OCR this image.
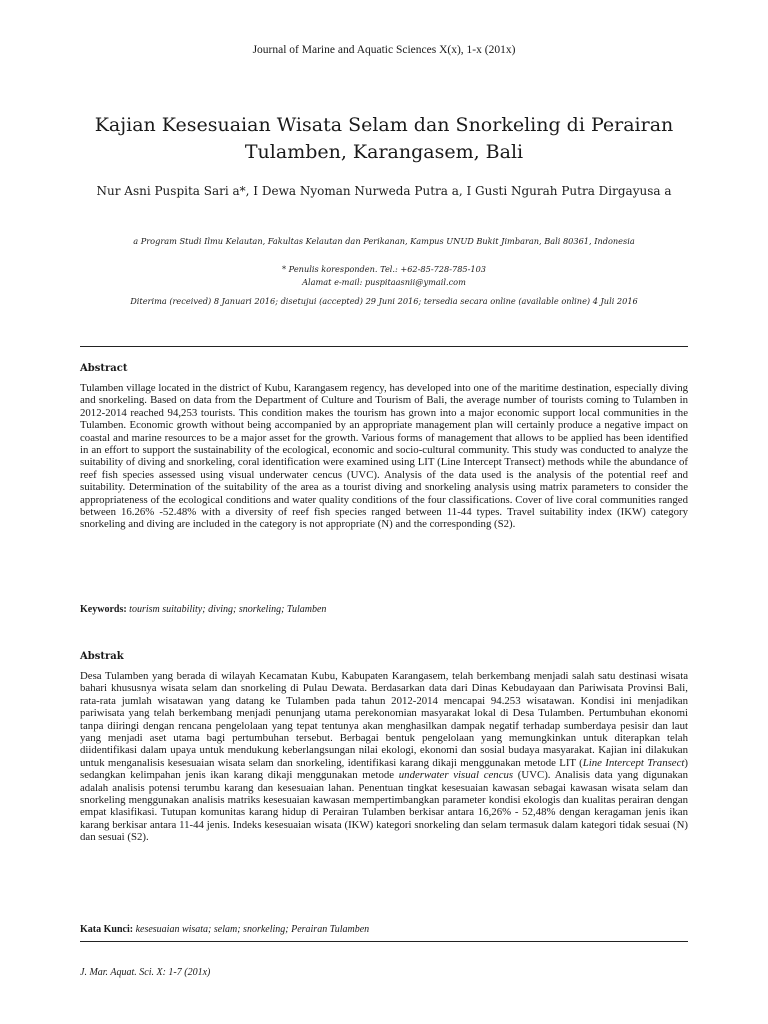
Journal of Marine and Aquatic Sciences X(x), 1-x (201x)
Kajian Kesesuaian Wisata Selam dan Snorkeling di Perairan Tulamben, Karangasem, Bali
Nur Asni Puspita Sari a*, I Dewa Nyoman Nurweda Putra a, I Gusti Ngurah Putra Dirgayusa a
a Program Studi Ilmu Kelautan, Fakultas Kelautan dan Perikanan, Kampus UNUD Bukit Jimbaran, Bali 80361, Indonesia
* Penulis koresponden. Tel.: +62-85-728-785-103
Alamat e-mail: puspitaasnii@ymail.com
Diterima (received) 8 Januari 2016; disetujui (accepted) 29 Juni 2016; tersedia secara online (available online) 4 Juli 2016
Abstract

Tulamben village located in the district of Kubu, Karangasem regency, has developed into one of the maritime destination, especially diving and snorkeling. Based on data from the Department of Culture and Tourism of Bali, the average number of tourists coming to Tulamben in 2012-2014 reached 94,253 tourists. This condition makes the tourism has grown into a major economic support local communities in the Tulamben. Economic growth without being accompanied by an appropriate management plan will certainly produce a negative impact on coastal and marine resources to be a major asset for the growth. Various forms of management that allows to be applied has been identified in an effort to support the sustainability of the ecological, economic and socio-cultural community. This study was conducted to analyze the suitability of diving and snorkeling, coral identification were examined using LIT (Line Intercept Transect) methods while the abundance of reef fish species assessed using visual underwater cencus (UVC). Analysis of the data used is the analysis of the potential reef and suitability. Determination of the suitability of the area as a tourist diving and snorkeling analysis using matrix parameters to consider the appropriateness of the ecological conditions and water quality conditions of the four classifications. Cover of live coral communities ranged between 16.26% -52.48% with a diversity of reef fish species ranged between 11-44 types. Travel suitability index (IKW) category snorkeling and diving are included in the category is not appropriate (N) and the corresponding (S2).

Keywords: tourism suitability; diving; snorkeling; Tulamben
Abstrak

Desa Tulamben yang berada di wilayah Kecamatan Kubu, Kabupaten Karangasem, telah berkembang menjadi salah satu destinasi wisata bahari khususnya wisata selam dan snorkeling di Pulau Dewata. Berdasarkan data dari Dinas Kebudayaan dan Pariwisata Provinsi Bali, rata-rata jumlah wisatawan yang datang ke Tulamben pada tahun 2012-2014 mencapai 94.253 wisatawan. Kondisi ini menjadikan pariwisata yang telah berkembang menjadi penunjang utama perekonomian masyarakat lokal di Desa Tulamben. Pertumbuhan ekonomi tanpa diiringi dengan rencana pengelolaan yang tepat tentunya akan menghasilkan dampak negatif terhadap sumberdaya pesisir dan laut yang menjadi aset utama bagi pertumbuhan tersebut. Berbagai bentuk pengelolaan yang memungkinkan untuk diterapkan telah diidentifikasi dalam upaya untuk mendukung keberlangsungan nilai ekologi, ekonomi dan sosial budaya masyarakat. Kajian ini dilakukan untuk menganalisis kesesuaian wisata selam dan snorkeling, identifikasi karang dikaji menggunakan metode LIT (Line Intercept Transect) sedangkan kelimpahan jenis ikan karang dikaji menggunakan metode underwater visual cencus (UVC). Analisis data yang digunakan adalah analisis potensi terumbu karang dan kesesuaian lahan. Penentuan tingkat kesesuaian kawasan sebagai kawasan wisata selam dan snorkeling menggunakan analisis matriks kesesuaian kawasan mempertimbangkan parameter kondisi ekologis dan kualitas perairan dengan empat klasifikasi. Tutupan komunitas karang hidup di Perairan Tulamben berkisar antara 16,26% - 52,48% dengan keragaman jenis ikan karang berkisar antara 11-44 jenis. Indeks kesesuaian wisata (IKW) kategori snorkeling dan selam termasuk dalam kategori tidak sesuai (N) dan sesuai (S2).

Kata Kunci: kesesuaian wisata; selam; snorkeling; Perairan Tulamben
J. Mar. Aquat. Sci. X: 1-7 (201x)
